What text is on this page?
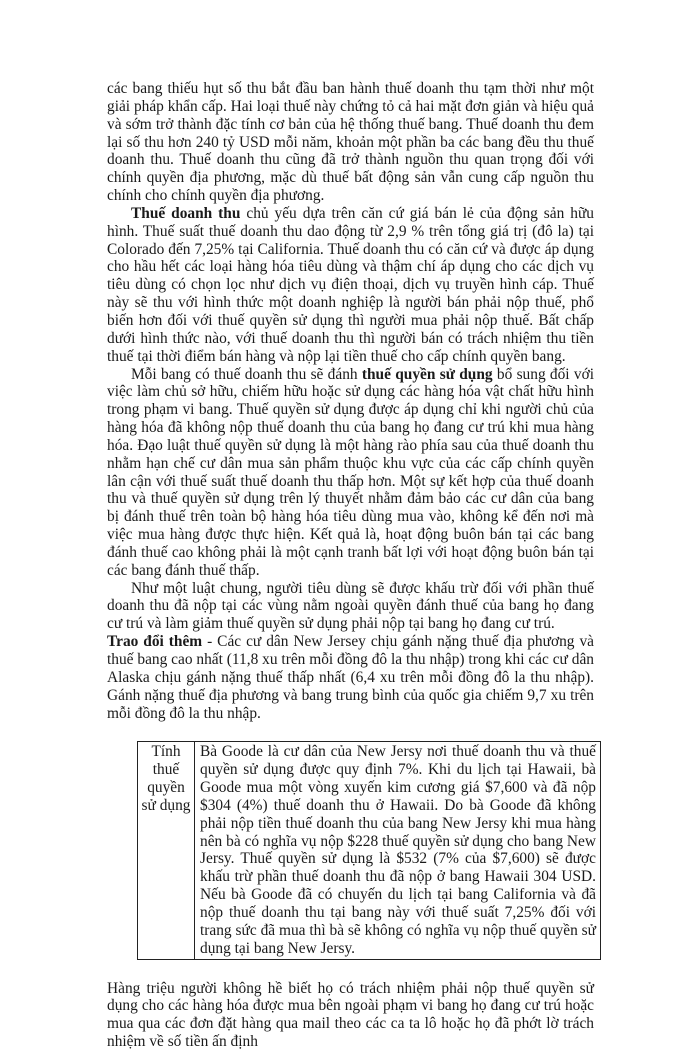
các bang thiếu hụt số thu bắt đầu ban hành thuế doanh thu tạm thời như một giải pháp khẩn cấp. Hai loại thuế này chứng tỏ cả hai mặt đơn giản và hiệu quả và sớm trở thành đặc tính cơ bản của hệ thống thuế bang. Thuế doanh thu đem lại số thu hơn 240 tỷ USD mỗi năm, khoản một phần ba các bang đều thu thuế doanh thu. Thuế doanh thu cũng đã trở thành nguồn thu quan trọng đối với chính quyền địa phương, mặc dù thuế bất động sản vẫn cung cấp nguồn thu chính cho chính quyền địa phương.

Thuế doanh thu chủ yếu dựa trên căn cứ giá bán lẻ của động sản hữu hình. Thuế suất thuế doanh thu dao động từ 2,9 % trên tổng giá trị (đô la) tại Colorado đến 7,25% tại California. Thuế doanh thu có căn cứ và được áp dụng cho hầu hết các loại hàng hóa tiêu dùng và thậm chí áp dụng cho các dịch vụ tiêu dùng có chọn lọc như dịch vụ điện thoại, dịch vụ truyền hình cáp. Thuế này sẽ thu với hình thức một doanh nghiệp là người bán phải nộp thuế, phổ biến hơn đối với thuế quyền sử dụng thì người mua phải nộp thuế. Bất chấp dưới hình thức nào, với thuế doanh thu thì người bán có trách nhiệm thu tiền thuế tại thời điểm bán hàng và nộp lại tiền thuế cho cấp chính quyền bang.

Mỗi bang có thuế doanh thu sẽ đánh thuế quyền sử dụng bổ sung đối với việc làm chủ sở hữu, chiếm hữu hoặc sử dụng các hàng hóa vật chất hữu hình trong phạm vi bang. Thuế quyền sử dụng được áp dụng chỉ khi người chủ của hàng hóa đã không nộp thuế doanh thu của bang họ đang cư trú khi mua hàng hóa. Đạo luật thuế quyền sử dụng là một hàng rào phía sau của thuế doanh thu nhằm hạn chế cư dân mua sản phẩm thuộc khu vực của các cấp chính quyền lân cận với thuế suất thuế doanh thu thấp hơn. Một sự kết hợp của thuế doanh thu và thuế quyền sử dụng trên lý thuyết nhằm đảm bảo các cư dân của bang bị đánh thuế trên toàn bộ hàng hóa tiêu dùng mua vào, không kể đến nơi mà việc mua hàng được thực hiện. Kết quả là, hoạt động buôn bán tại các bang đánh thuế cao không phải là một cạnh tranh bất lợi với hoạt động buôn bán tại các bang đánh thuế thấp.

Như một luật chung, người tiêu dùng sẽ được khấu trừ đối với phần thuế doanh thu đã nộp tại các vùng nằm ngoài quyền đánh thuế của bang họ đang cư trú và làm giảm thuế quyền sử dụng phải nộp tại bang họ đang cư trú.

Trao đổi thêm - Các cư dân New Jersey chịu gánh nặng thuế địa phương và thuế bang cao nhất (11,8 xu trên mỗi đồng đô la thu nhập) trong khi các cư dân Alaska chịu gánh nặng thuế thấp nhất (6,4 xu trên mỗi đồng đô la thu nhập). Gánh nặng thuế địa phương và bang trung bình của quốc gia chiếm 9,7 xu trên mỗi đồng đô la thu nhập.

Tính thuế quyền sử dụng	Bà Goode là cư dân của New Jersy nơi thuế doanh thu và thuế quyền sử dụng được quy định 7%. Khi du lịch tại Hawaii, bà Goode mua một vòng xuyến kim cương giá $7,600 và đã nộp $304 (4%) thuế doanh thu ở Hawaii. Do bà Goode đã không phải nộp tiền thuế doanh thu của bang New Jersy khi mua hàng nên bà có nghĩa vụ nộp $228 thuế quyền sử dụng cho bang New Jersy. Thuế quyền sử dụng là $532 (7% của $7,600) sẽ được khấu trừ phần thuế doanh thu đã nộp ở bang Hawaii 304 USD. Nếu bà Goode đã có chuyến du lịch tại bang California và đã nộp thuế doanh thu tại bang này với thuế suất 7,25% đối với trang sức đã mua thì bà sẽ không có nghĩa vụ nộp thuế quyền sử dụng tại bang New Jersy.

Hàng triệu người không hề biết họ có trách nhiệm phải nộp thuế quyền sử dụng cho các hàng hóa được mua bên ngoài phạm vi bang họ đang cư trú hoặc mua qua các đơn đặt hàng qua mail theo các ca ta lô hoặc họ đã phớt lờ trách nhiệm về số tiền ấn định
